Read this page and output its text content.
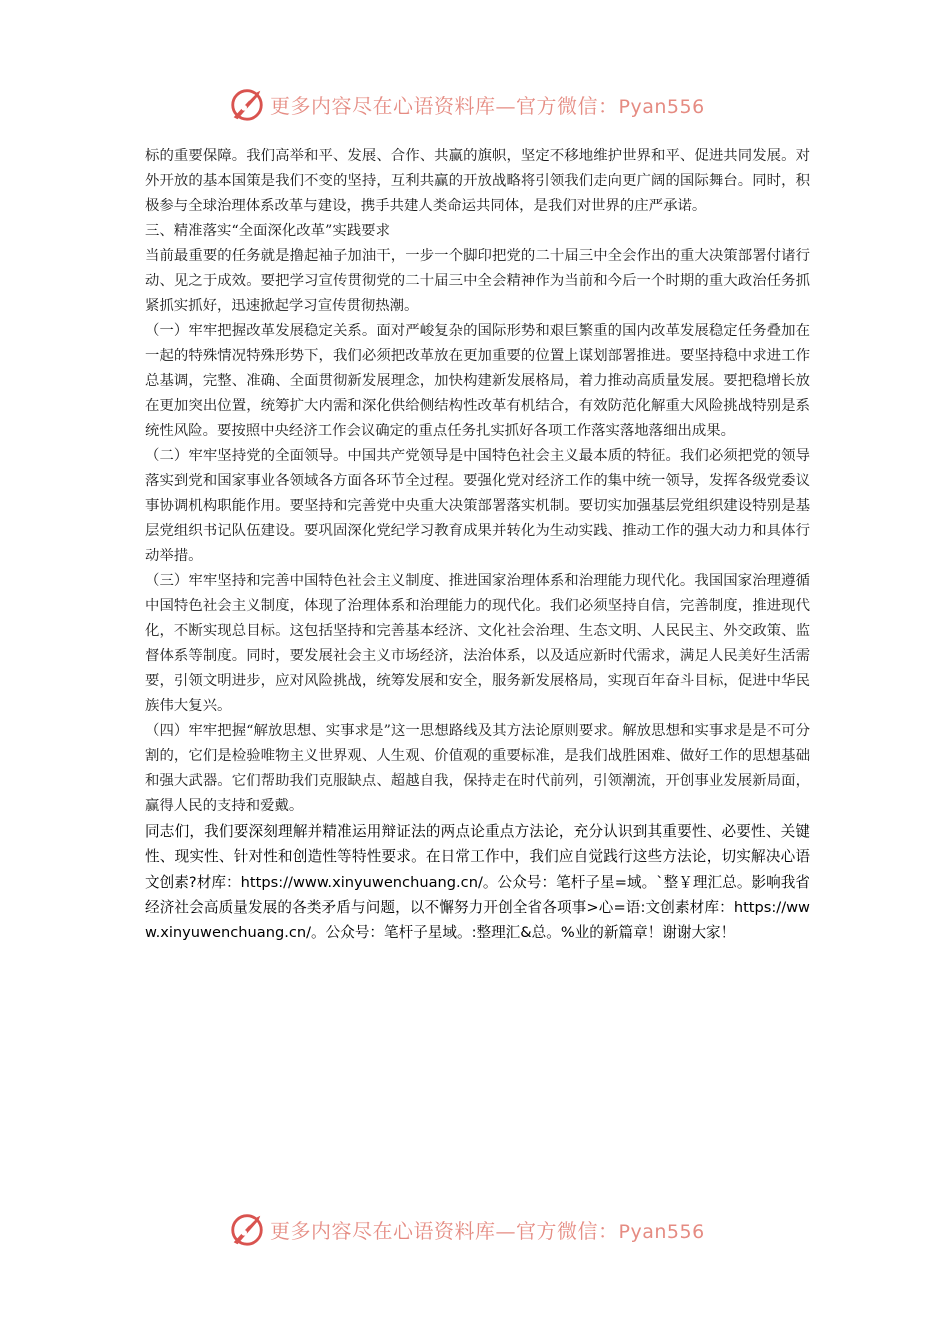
更多内容尽在心语资料库—官方微信：Pyan556

标的重要保障。我们高举和平、发展、合作、共赢的旗帜，坚定不移地维护世界和平、促进共同发展。对外开放的基本国策是我们不变的坚持，互利共赢的开放战略将引领我们走向更广阔的国际舞台。同时，积极参与全球治理体系改革与建设，携手共建人类命运共同体，是我们对世界的庄严承诺。

三、精准落实“全面深化改革”实践要求

当前最重要的任务就是撸起袖子加油干，一步一个脚印把党的二十届三中全会作出的重大决策部署付诸行动、见之于成效。要把学习宣传贯彻党的二十届三中全会精神作为当前和今后一个时期的重大政治任务抓紧抓实抓好，迅速掀起学习宣传贯彻热潮。

（一）牢牢把握改革发展稳定关系。面对严峻复杂的国际形势和艰巨繁重的国内改革发展稳定任务叠加在一起的特殊情况特殊形势下，我们必须把改革放在更加重要的位置上谋划部署推进。要坚持稳中求进工作总基调，完整、准确、全面贯彻新发展理念，加快构建新发展格局，着力推动高质量发展。要把稳增长放在更加突出位置，统筹扩大内需和深化供给侧结构性改革有机结合，有效防范化解重大风险挑战特别是系统性风险。要按照中央经济工作会议确定的重点任务扎实抓好各项工作落实落地落细出成果。

（二）牢牢坚持党的全面领导。中国共产党领导是中国特色社会主义最本质的特征。我们必须把党的领导落实到党和国家事业各领域各方面各环节全过程。要强化党对经济工作的集中统一领导，发挥各级党委议事协调机构职能作用。要坚持和完善党中央重大决策部署落实机制。要切实加强基层党组织建设特别是基层党组织书记队伍建设。要巩固深化党纪学习教育成果并转化为生动实践、推动工作的强大动力和具体行动举措。

（三）牢牢坚持和完善中国特色社会主义制度、推进国家治理体系和治理能力现代化。我国国家治理遵循中国特色社会主义制度，体现了治理体系和治理能力的现代化。我们必须坚持自信，完善制度，推进现代化，不断实现总目标。这包括坚持和完善基本经济、文化社会治理、生态文明、人民民主、外交政策、监督体系等制度。同时，要发展社会主义市场经济，法治体系，以及适应新时代需求，满足人民美好生活需要，引领文明进步，应对风险挑战，统筹发展和安全，服务新发展格局，实现百年奋斗目标，促进中华民族伟大复兴。

（四）牢牢把握“解放思想、实事求是”这一思想路线及其方法论原则要求。解放思想和实事求是是不可分割的，它们是检验唯物主义世界观、人生观、价值观的重要标准，是我们战胜困难、做好工作的思想基础和强大武器。它们帮助我们克服缺点、超越自我，保持走在时代前列，引领潮流，开创事业发展新局面，赢得人民的支持和爱戴。

同志们，我们要深刻理解并精准运用辩证法的两点论重点方法论，充分认识到其重要性、必要性、关键性、现实性、针对性和创造性等特性要求。在日常工作中，我们应自觉践行这些方法论，切实解决心语文创素?材库：https://www.xinyuwenchuang.cn/。公众号：笔杆子星=域。`整￥理汇总。影响我省经济社会高质量发展的各类矛盾与问题，以不懈努力开创全省各项事>心=语:文创素材库：https://www.xinyuwenchuang.cn/。公众号：笔杆子星域。:整理汇&总。%业的新篇章！谢谢大家！

更多内容尽在心语资料库—官方微信：Pyan556
